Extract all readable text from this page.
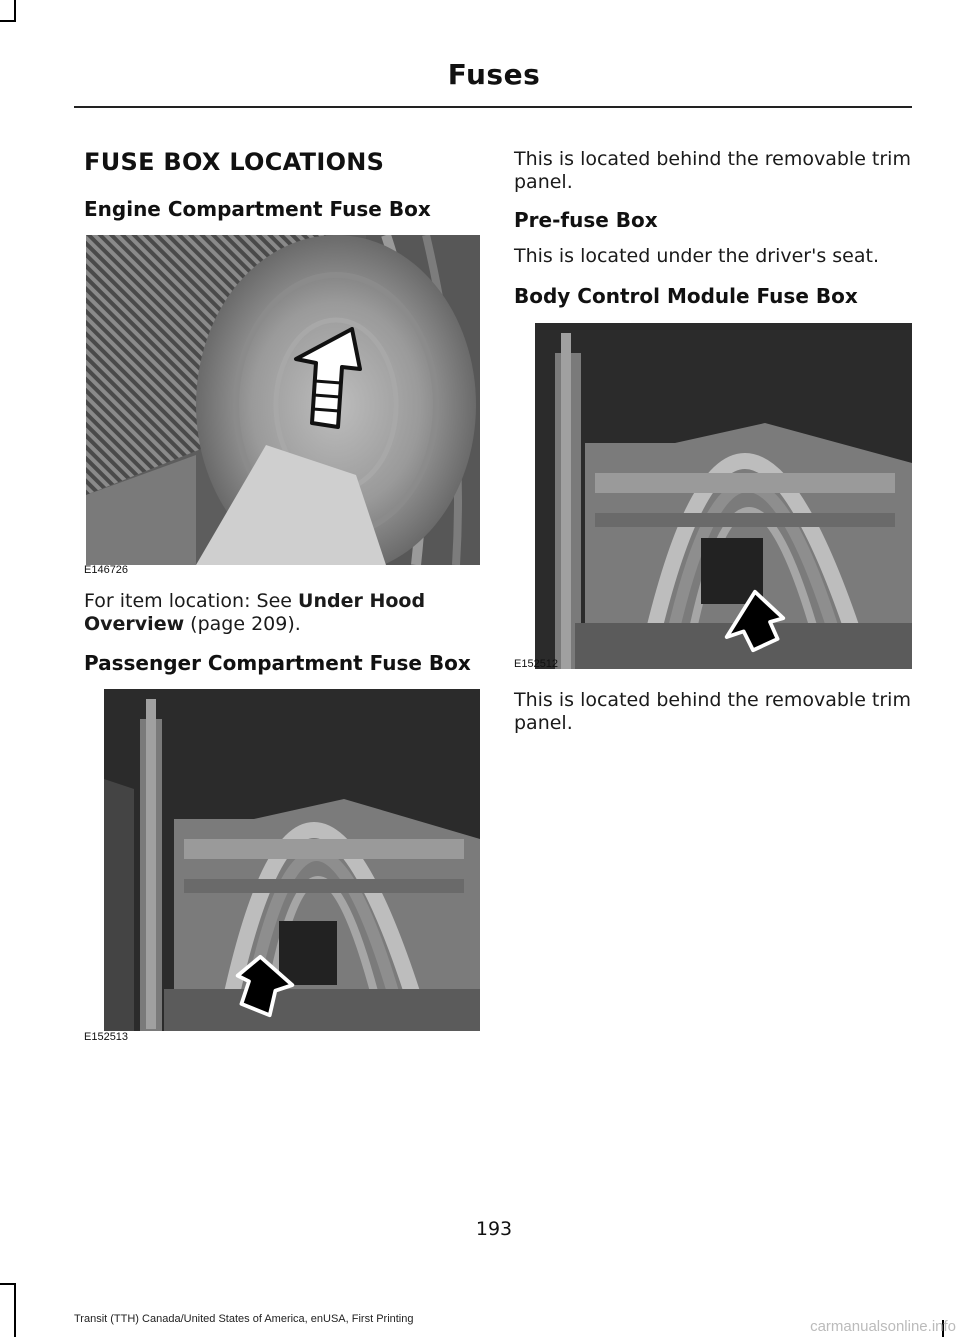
Fuses
FUSE BOX LOCATIONS
Engine Compartment Fuse Box
E146726
For item location: See Under Hood
Overview (page 209).
Passenger Compartment Fuse Box
E152513
This is located behind the removable trim panel.
Pre-fuse Box
This is located under the driver's seat.
Body Control Module Fuse Box
E152512
This is located behind the removable trim panel.
193
Transit (TTH) Canada/United States of America, enUSA, First Printing	carmanualsonline.info
